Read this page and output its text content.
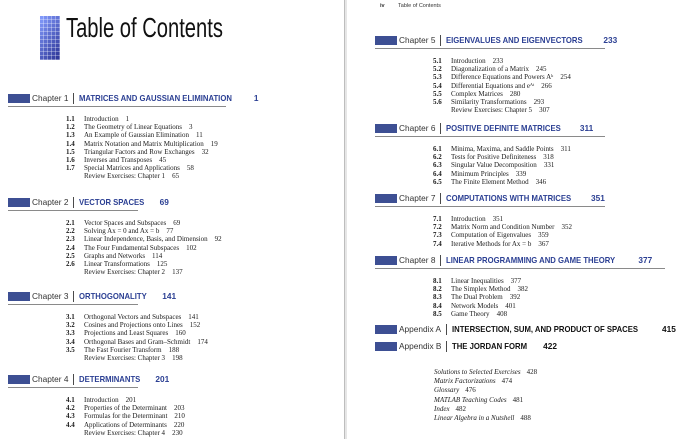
Table of Contents
Chapter 1 MATRICES AND GAUSSIAN ELIMINATION	1
1.1	Introduction 1
1.2	The Geometry of Linear Equations 3
1.3	An Example of Gaussian Elimination 11
1.4	Matrix Notation and Matrix Multiplication 19
1.5	Triangular Factors and Row Exchanges 32
1.6	Inverses and Transposes 45
1.7	Special Matrices and Applications 58
Review Exercises: Chapter 1 65
Chapter 2 VECTOR SPACES 69
2.1	Vector Spaces and Subspaces 69
2.2	Solving Ax = 0 and Ax = b 77
2.3	Linear Independence, Basis, and Dimension 92
2.4	The Four Fundamental Subspaces 102
2.5	Graphs and Networks 114
2.6	Linear Transformations 125
Review Exercises: Chapter 2 137
Chapter 3 ORTHOGONALITY 141
3.1	Orthogonal Vectors and Subspaces 141
3.2	Cosines and Projections onto Lines 152
3.3	Projections and Least Squares 160
3.4	Orthogonal Bases and Gram–Schmidt 174
3.5	The Fast Fourier Transform 188
Review Exercises: Chapter 3 198
Chapter 4 DETERMINANTS 201
4.1	Introduction 201
4.2	Properties of the Determinant 203
4.3	Formulas for the Determinant 210
4.4	Applications of Determinants 220
Review Exercises: Chapter 4 230
iv Table of Contents
Chapter 5 EIGENVALUES AND EIGENVECTORS 233
5.1	Introduction 233
5.2	Diagonalization of a Matrix 245
5.3	Difference Equations and Powers Aᵏ 254
5.4	Differential Equations and eᴬᵗ 266
5.5	Complex Matrices 280
5.6	Similarity Transformations 293
Review Exercises: Chapter 5 307
Chapter 6 POSITIVE DEFINITE MATRICES 311
6.1	Minima, Maxima, and Saddle Points 311
6.2	Tests for Positive Definiteness 318
6.3	Singular Value Decomposition 331
6.4	Minimum Principles 339
6.5	The Finite Element Method 346
Chapter 7 COMPUTATIONS WITH MATRICES 351
7.1	Introduction 351
7.2	Matrix Norm and Condition Number 352
7.3	Computation of Eigenvalues 359
7.4	Iterative Methods for Ax = b 367
Chapter 8 LINEAR PROGRAMMING AND GAME THEORY	377
8.1	Linear Inequalities 377
8.2	The Simplex Method 382
8.3	The Dual Problem 392
8.4	Network Models 401
8.5	Game Theory 408
Appendix A INTERSECTION, SUM, AND PRODUCT OF SPACES	415
Appendix B THE JORDAN FORM 422
Solutions to Selected Exercises 428
Matrix Factorizations 474
Glossary 476
MATLAB Teaching Codes 481
Index 482
Linear Algebra in a Nutshell 488
